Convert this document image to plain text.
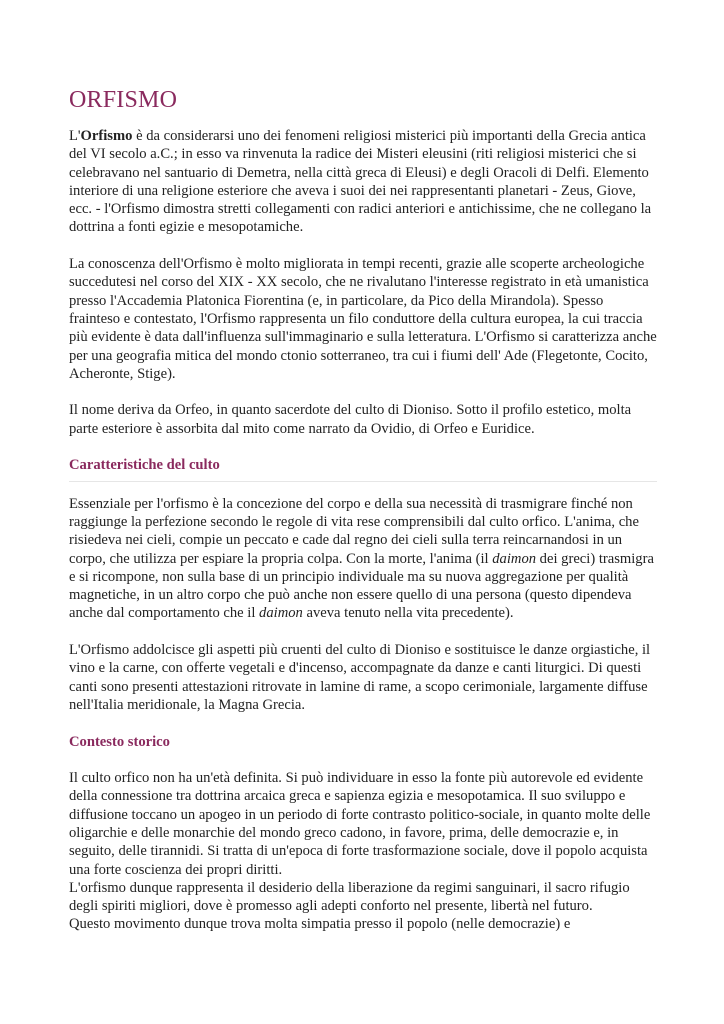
ORFISMO

L'Orfismo è da considerarsi uno dei fenomeni religiosi misterici più importanti della Grecia antica del VI secolo a.C.; in esso va rinvenuta la radice dei Misteri eleusini (riti religiosi misterici che si celebravano nel santuario di Demetra, nella città greca di Eleusi) e degli Oracoli di Delfi. Elemento interiore di una religione esteriore che aveva i suoi dei nei rappresentanti planetari - Zeus, Giove, ecc. - l'Orfismo dimostra stretti collegamenti con radici anteriori e antichissime, che ne collegano la dottrina a fonti egizie e mesopotamiche.

La conoscenza dell'Orfismo è molto migliorata in tempi recenti, grazie alle scoperte archeologiche succedutesi nel corso del XIX - XX secolo, che ne rivalutano l'interesse registrato in età umanistica presso l'Accademia Platonica Fiorentina (e, in particolare, da Pico della Mirandola). Spesso frainteso e contestato, l'Orfismo rappresenta un filo conduttore della cultura europea, la cui traccia più evidente è data dall'influenza sull'immaginario e sulla letteratura. L'Orfismo si caratterizza anche per una geografia mitica del mondo ctonio sotterraneo, tra cui i fiumi dell' Ade (Flegetonte, Cocito, Acheronte, Stige).

Il nome deriva da Orfeo, in quanto sacerdote del culto di Dioniso. Sotto il profilo estetico, molta parte esteriore è assorbita dal mito come narrato da Ovidio, di Orfeo e Euridice.

Caratteristiche del culto

Essenziale per l'orfismo è la concezione del corpo e della sua necessità di trasmigrare finché non raggiunge la perfezione secondo le regole di vita rese comprensibili dal culto orfico. L'anima, che risiedeva nei cieli, compie un peccato e cade dal regno dei cieli sulla terra reincarnandosi in un corpo, che utilizza per espiare la propria colpa. Con la morte, l'anima (il daimon dei greci) trasmigra e si ricompone, non sulla base di un principio individuale ma su nuova aggregazione per qualità magnetiche, in un altro corpo che può anche non essere quello di una persona (questo dipendeva anche dal comportamento che il daimon aveva tenuto nella vita precedente).

L'Orfismo addolcisce gli aspetti più cruenti del culto di Dioniso e sostituisce le danze orgiastiche, il vino e la carne, con offerte vegetali e d'incenso, accompagnate da danze e canti liturgici. Di questi canti sono presenti attestazioni ritrovate in lamine di rame, a scopo cerimoniale, largamente diffuse nell'Italia meridionale, la Magna Grecia.

Contesto storico

Il culto orfico non ha un'età definita. Si può individuare in esso la fonte più autorevole ed evidente della connessione tra dottrina arcaica greca e sapienza egizia e mesopotamica. Il suo sviluppo e diffusione toccano un apogeo in un periodo di forte contrasto politico-sociale, in quanto molte delle oligarchie e delle monarchie del mondo greco cadono, in favore, prima, delle democrazie e, in seguito, delle tirannidi. Si tratta di un'epoca di forte trasformazione sociale, dove il popolo acquista una forte coscienza dei propri diritti.

L'orfismo dunque rappresenta il desiderio della liberazione da regimi sanguinari, il sacro rifugio degli spiriti migliori, dove è promesso agli adepti conforto nel presente, libertà nel futuro.

Questo movimento dunque trova molta simpatia presso il popolo (nelle democrazie) e
